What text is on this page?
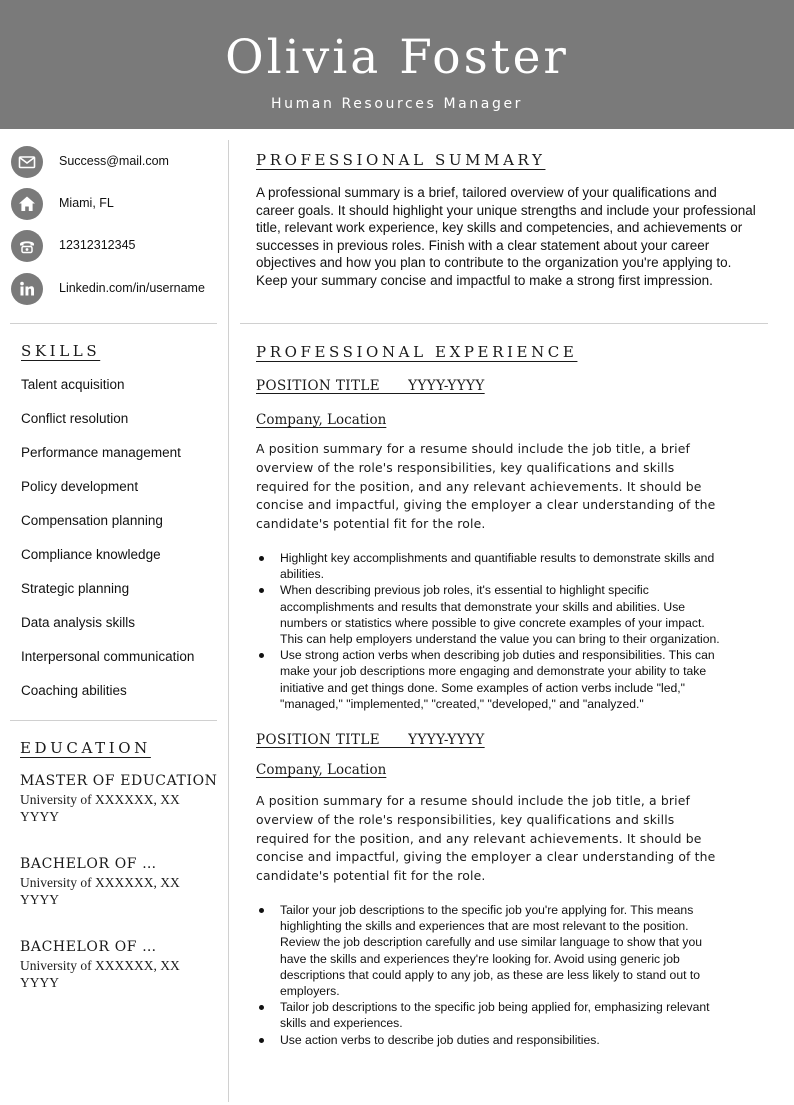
Olivia Foster
Human Resources Manager
Success@mail.com
Miami, FL
12312312345
Linkedin.com/in/username
SKILLS
Talent acquisition
Conflict resolution
Performance management
Policy development
Compensation planning
Compliance knowledge
Strategic planning
Data analysis skills
Interpersonal communication
Coaching abilities
EDUCATION
MASTER OF EDUCATION
University of XXXXXX, XX
YYYY
BACHELOR OF …
University of XXXXXX, XX
YYYY
BACHELOR OF …
University of XXXXXX, XX
YYYY
PROFESSIONAL SUMMARY
A professional summary is a brief, tailored overview of your qualifications and career goals. It should highlight your unique strengths and include your professional title, relevant work experience, key skills and competencies, and achievements or successes in previous roles. Finish with a clear statement about your career objectives and how you plan to contribute to the organization you're applying to. Keep your summary concise and impactful to make a strong first impression.
PROFESSIONAL EXPERIENCE
POSITION TITLE      YYYY-YYYY
Company, Location
A position summary for a resume should include the job title, a brief overview of the role's responsibilities, key qualifications and skills required for the position, and any relevant achievements. It should be concise and impactful, giving the employer a clear understanding of the candidate's potential fit for the role.
Highlight key accomplishments and quantifiable results to demonstrate skills and abilities.
When describing previous job roles, it's essential to highlight specific accomplishments and results that demonstrate your skills and abilities. Use numbers or statistics where possible to give concrete examples of your impact. This can help employers understand the value you can bring to their organization.
Use strong action verbs when describing job duties and responsibilities. This can make your job descriptions more engaging and demonstrate your ability to take initiative and get things done. Some examples of action verbs include "led," "managed," "implemented," "created," "developed," and "analyzed."
POSITION TITLE      YYYY-YYYY
Company, Location
A position summary for a resume should include the job title, a brief overview of the role's responsibilities, key qualifications and skills required for the position, and any relevant achievements. It should be concise and impactful, giving the employer a clear understanding of the candidate's potential fit for the role.
Tailor your job descriptions to the specific job you're applying for. This means highlighting the skills and experiences that are most relevant to the position. Review the job description carefully and use similar language to show that you have the skills and experiences they're looking for. Avoid using generic job descriptions that could apply to any job, as these are less likely to stand out to employers.
Tailor job descriptions to the specific job being applied for, emphasizing relevant skills and experiences.
Use action verbs to describe job duties and responsibilities.
